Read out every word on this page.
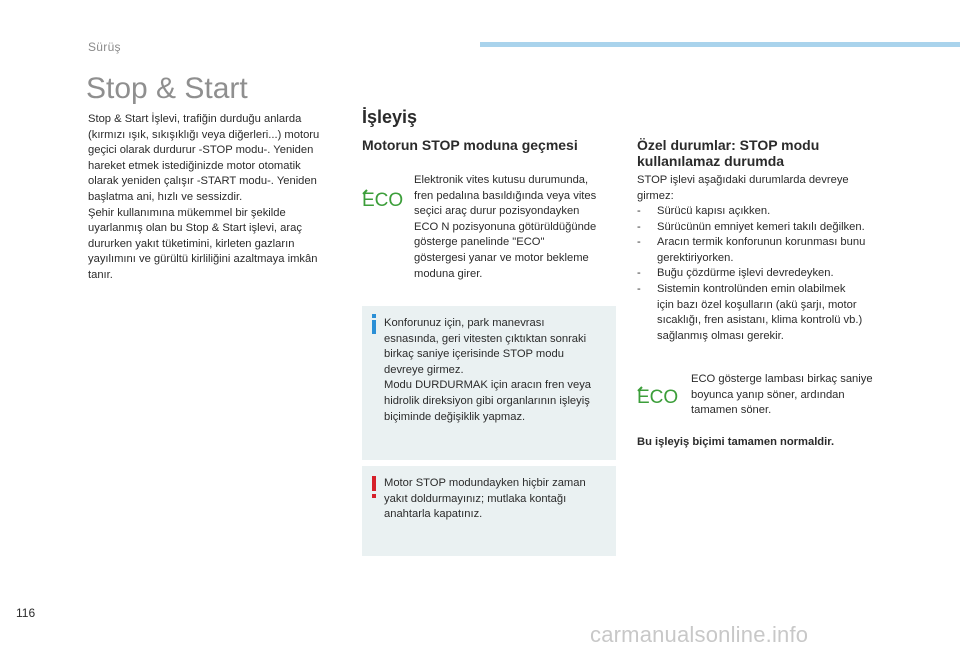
Sürüş
Stop & Start

Stop & Start İşlevi, trafiğin durduğu anlarda
(kırmızı ışık, sıkışıklığı veya diğerleri...) motoru
geçici olarak durdurur -STOP modu-. Yeniden
hareket etmek istediğinizde motor otomatik
olarak yeniden çalışır -START modu-. Yeniden
başlatma ani, hızlı ve sessizdir.
Şehir kullanımına mükemmel bir şekilde
uyarlanmış olan bu Stop & Start işlevi, araç
dururken yakıt tüketimini, kirleten gazların
yayılımını ve gürültü kirliliğini azaltmaya imkân
tanır.

İşleyiş
Motorun STOP moduna geçmesi
ECO

Elektronik vites kutusu durumunda,
fren pedalına basıldığında veya vites
seçici araç durur pozisyondayken
ECO N pozisyonuna götürüldüğünde
gösterge panelinde "ECO"
göstergesi yanar ve motor bekleme
moduna girer.

Konforunuz için, park manevrası
esnasında, geri vitesten çıktıktan sonraki
birkaç saniye içerisinde STOP modu
devreye girmez.
Modu DURDURMAK için aracın fren veya
hidrolik direksiyon gibi organlarının işleyiş
biçiminde değişiklik yapmaz.

Motor STOP modundayken hiçbir zaman
yakıt doldurmayınız; mutlaka kontağı
anahtarla kapatınız.

Özel durumlar: STOP modu
kullanılamaz durumda

STOP işlevi aşağıdaki durumlarda devreye
girmez:

- Sürücü kapısı açıkken.
- Sürücünün emniyet kemeri takılı değilken.
- Aracın termik konforunun korunması bunu
gerektiriyorken.
- Buğu çözdürme işlevi devredeyken.
- Sistemin kontrolünden emin olabilmek
için bazı özel koşulların (akü şarjı, motor
sıcaklığı, fren asistanı, klima kontrolü vb.)
sağlanmış olması gerekir.
ECO

ECO gösterge lambası birkaç saniye
boyunca yanıp söner, ardından
tamamen söner.

Bu işleyiş biçimi tamamen normaldir.

116
carmanualsonline.info
